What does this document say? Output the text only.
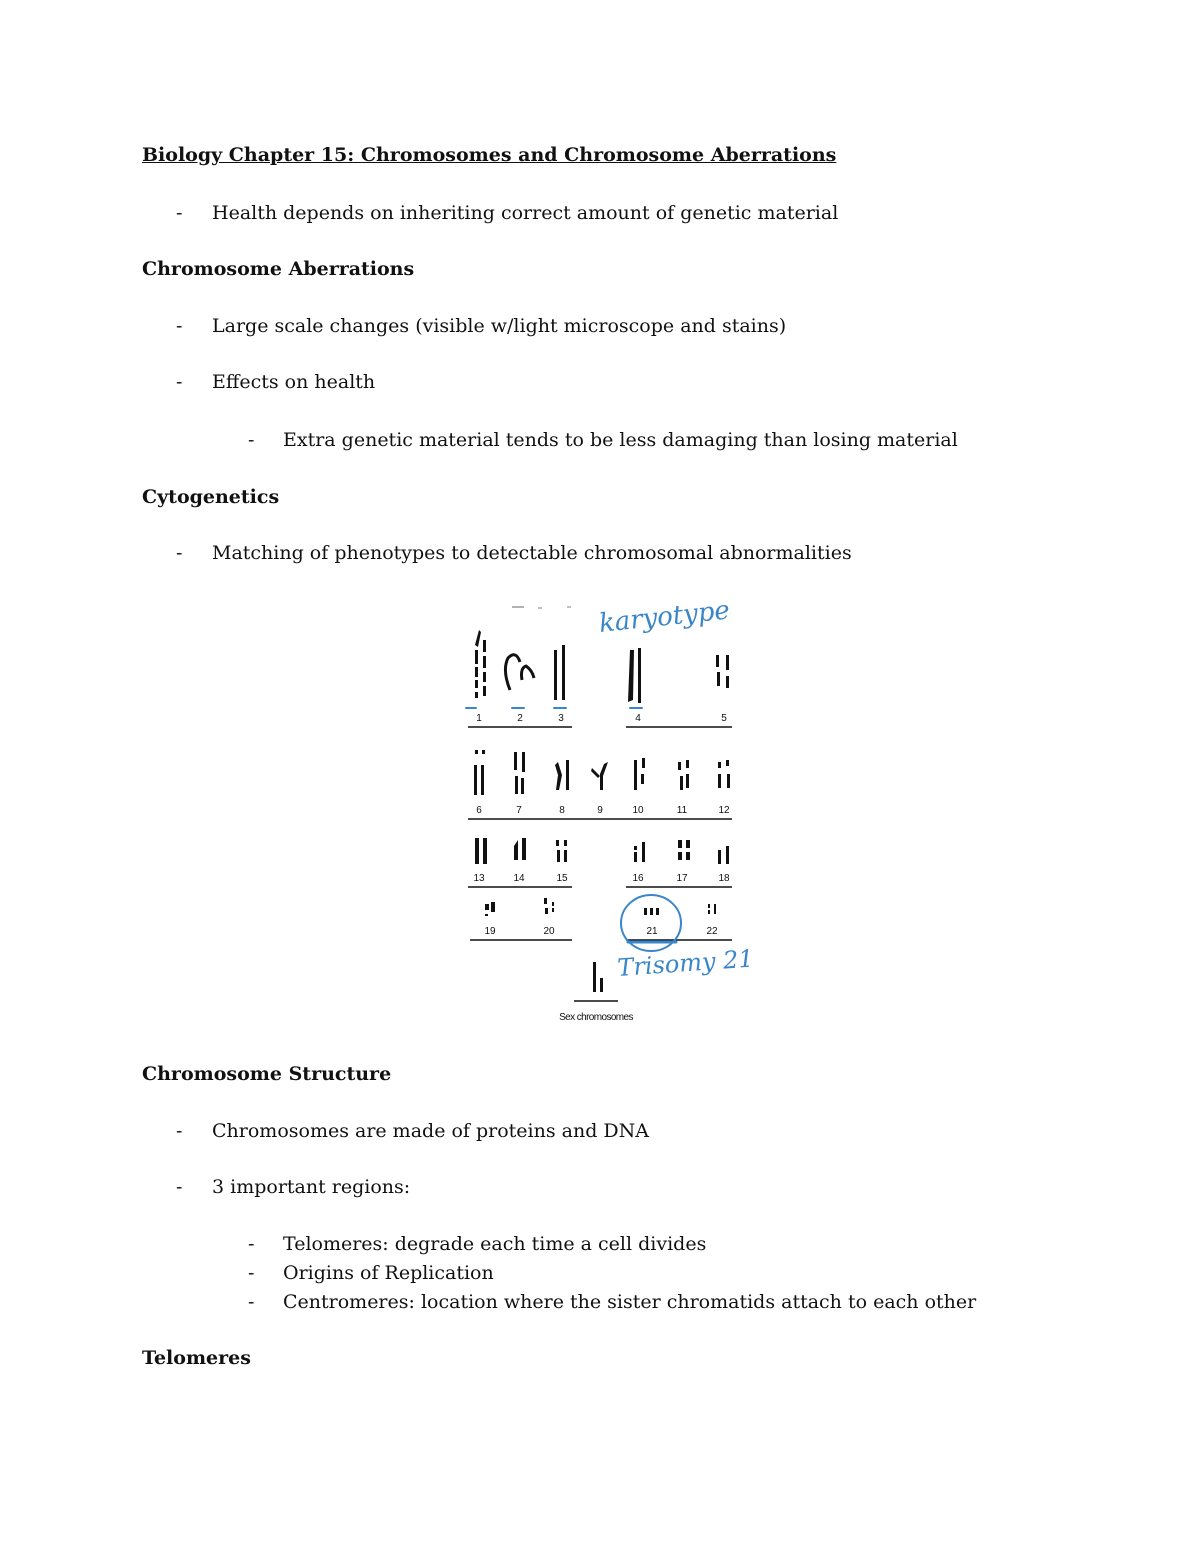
Biology Chapter 15: Chromosomes and Chromosome Aberrations
- Health depends on inheriting correct amount of genetic material
Chromosome Aberrations
- Large scale changes (visible w/light microscope and stains)
- Effects on health
- Extra genetic material tends to be less damaging than losing material
Cytogenetics
- Matching of phenotypes to detectable chromosomal abnormalities
1	2	3	4	5
6	7	8	9	10	11	12
13	14	15	16	17	18
19	20	21	22
Sex chromosomes
karyotype
Trisomy 21
Chromosome Structure
- Chromosomes are made of proteins and DNA
- 3 important regions:
- Telomeres: degrade each time a cell divides
- Origins of Replication
- Centromeres: location where the sister chromatids attach to each other
Telomeres
